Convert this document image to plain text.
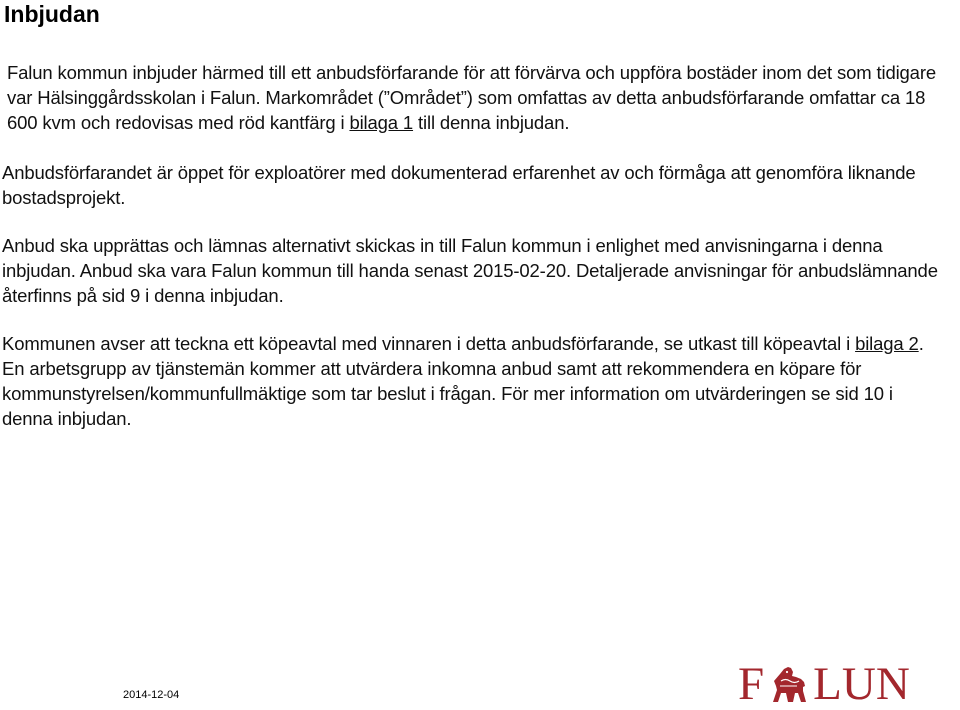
Inbjudan

Falun kommun inbjuder härmed till ett anbudsförfarande för att förvärva och uppföra bostäder inom det som tidigare var Hälsinggårdsskolan i Falun. Markområdet (”Området”) som omfattas av detta anbudsförfarande omfattar ca 18 600 kvm och redovisas med röd kantfärg i bilaga 1 till denna inbjudan.

Anbudsförfarandet är öppet för exploatörer med dokumenterad erfarenhet av och förmåga att genomföra liknande bostadsprojekt.

Anbud ska upprättas och lämnas alternativt skickas in till Falun kommun i enlighet med anvisningarna i denna inbjudan. Anbud ska vara Falun kommun till handa senast 2015-02-20. Detaljerade anvisningar för anbudslämnande återfinns på sid 9 i denna inbjudan.

Kommunen avser att teckna ett köpeavtal med vinnaren i detta anbudsförfarande, se utkast till köpeavtal i bilaga 2. En arbetsgrupp av tjänstemän kommer att utvärdera inkomna anbud samt att rekommendera en köpare för kommunstyrelsen/kommunfullmäktige som tar beslut i frågan. För mer information om utvärderingen se sid 10 i denna inbjudan.

2014-12-04	F L U N
